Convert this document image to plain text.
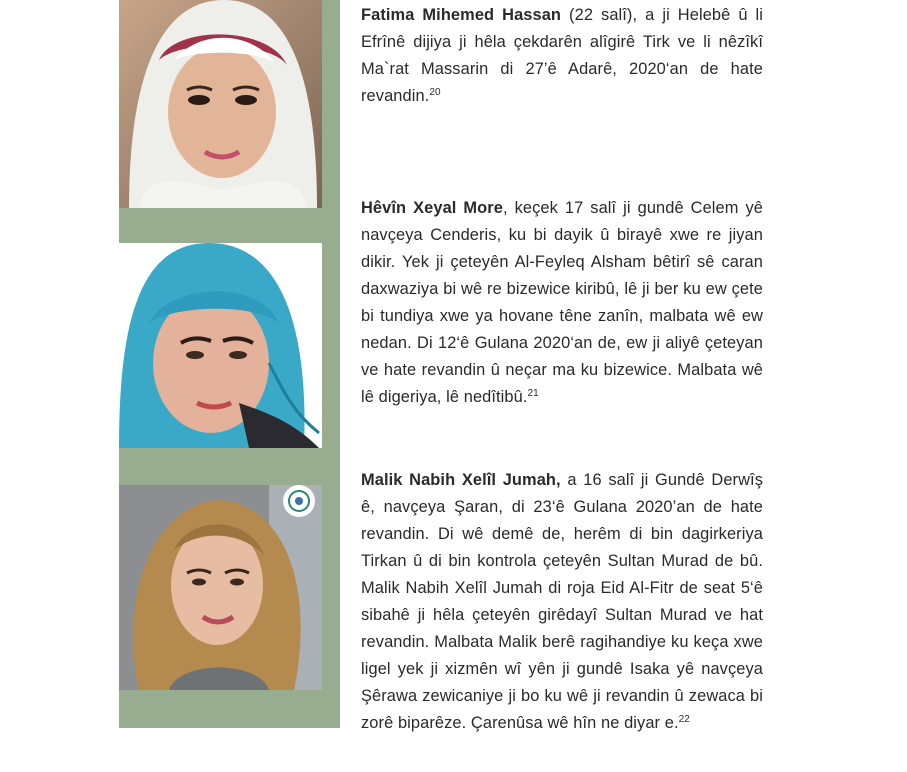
Fatima Mihemed Hassan (22 salî), a ji Helebê û li Efrînê dijiya ji hêla çekdarên alîgirê Tirk ve li nêzîkî Ma`rat Massarin di 27’ê Adarê, 2020‘an de hate revandin.$^{20}$

Hêvîn Xeyal More, keçek 17 salî ji gundê Celem yê navçeya Cenderis, ku bi dayik û birayê xwe re jiyan dikir. Yek ji çeteyên Al-Feyleq Alsham bêtirî sê caran daxwaziya bi wê re bizewice kiribû, lê ji ber ku ew çete bi tundiya xwe ya hovane têne zanîn, malbata wê ew nedan. Di 12‘ê Gulana 2020‘an de, ew ji aliyê çeteyan ve hate revandin û neçar ma ku bizewice. Malbata wê lê digeriya, lê nedîtibû.$^{21}$

Malik Nabih Xelîl Jumah, a 16 salî ji Gundê Derwîş ê, navçeya Şaran, di 23‘ê Gulana 2020’an de hate revandin. Di wê demê de, herêm di bin dagirkeriya Tirkan û di bin kontrola çeteyên Sultan Murad de bû. Malik Nabih Xelîl Jumah di roja Eid Al-Fitr de seat 5‘ê sibahê ji hêla çeteyên girêdayî Sultan Murad ve hat revandin. Malbata Malik berê ragihandiye ku keça xwe ligel yek ji xizmên wî yên ji gundê Isaka yê navçeya Şêrawa zewicaniye ji bo ku wê ji revandin û zewaca bi zorê biparêze. Çarenûsa wê hîn ne diyar e.$^{22}$
